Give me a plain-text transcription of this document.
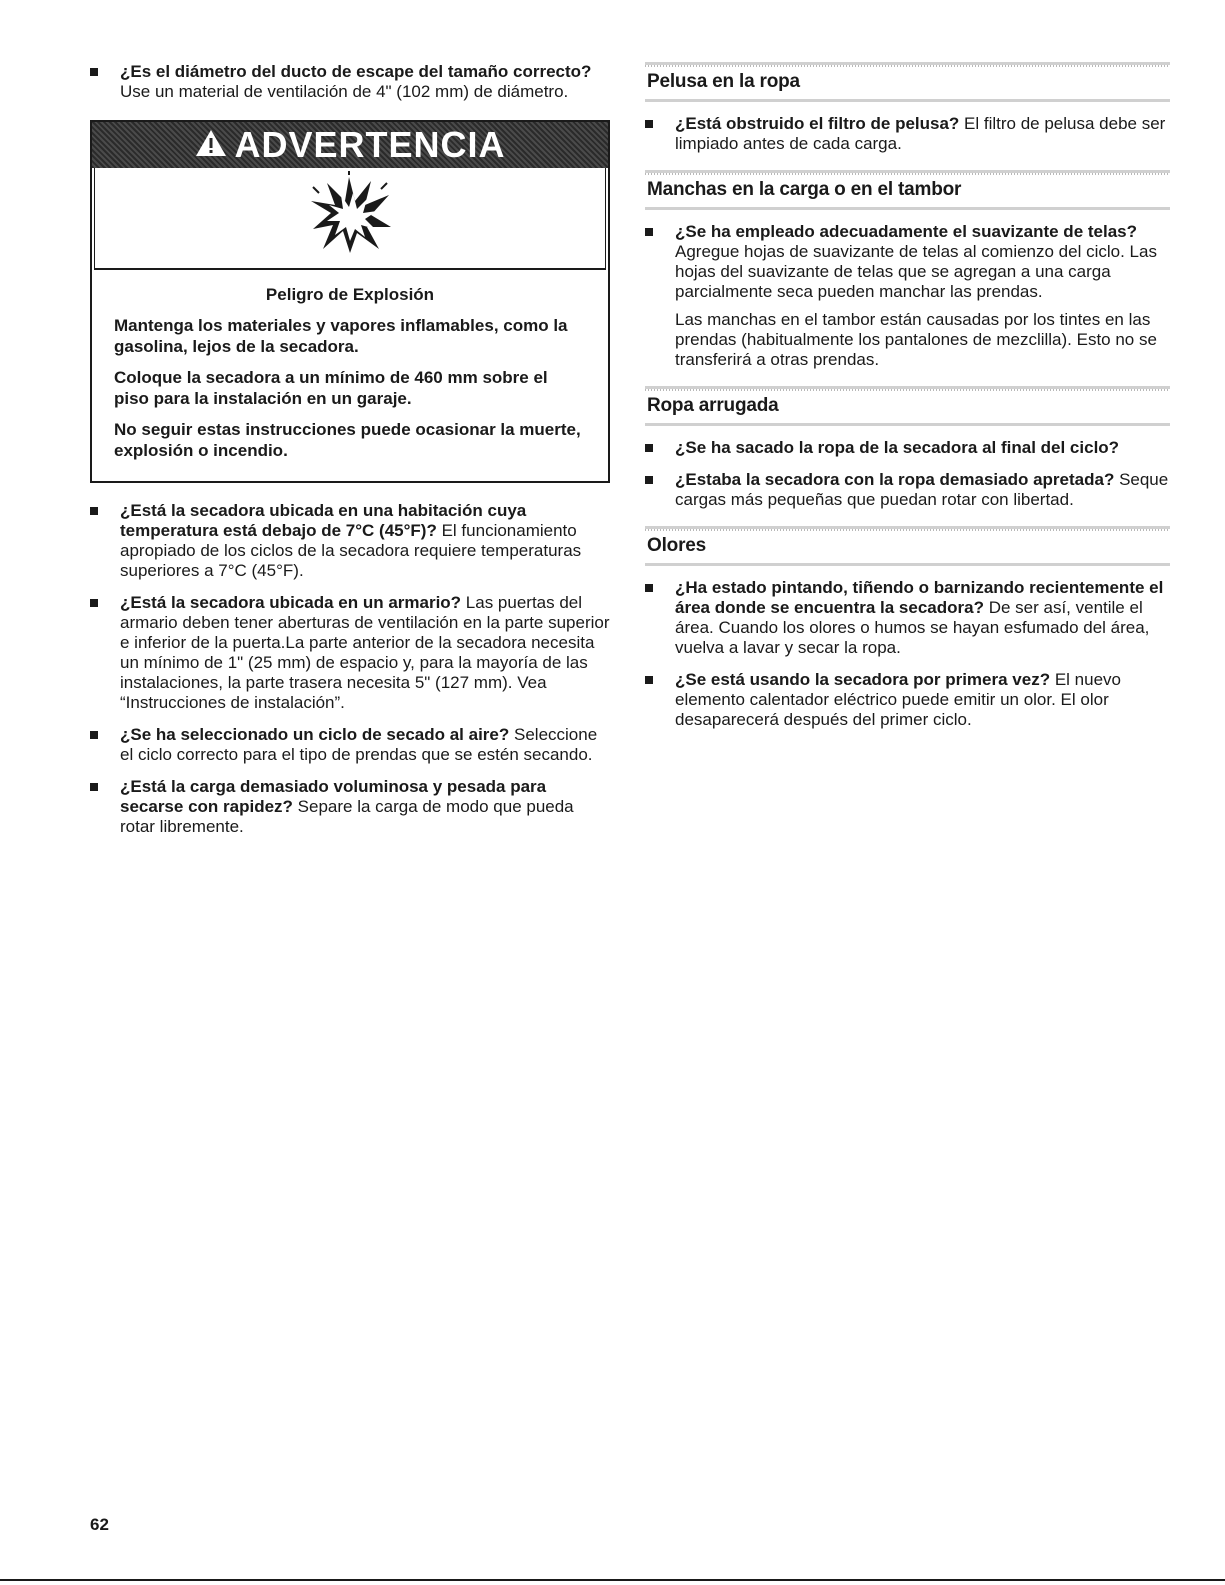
¿Es el diámetro del ducto de escape del tamaño correcto? Use un material de ventilación de 4" (102 mm) de diámetro.
ADVERTENCIA
Peligro de Explosión

Mantenga los materiales y vapores inflamables, como la gasolina, lejos de la secadora.

Coloque la secadora a un mínimo de 460 mm sobre el piso para la instalación en un garaje.

No seguir estas instrucciones puede ocasionar la muerte, explosión o incendio.

¿Está la secadora ubicada en una habitación cuya temperatura está debajo de 7°C (45°F)? El funcionamiento apropiado de los ciclos de la secadora requiere temperaturas superiores a 7°C (45°F).
¿Está la secadora ubicada en un armario? Las puertas del armario deben tener aberturas de ventilación en la parte superior e inferior de la puerta.La parte anterior de la secadora necesita un mínimo de 1" (25 mm) de espacio y, para la mayoría de las instalaciones, la parte trasera necesita 5" (127 mm). Vea “Instrucciones de instalación”.
¿Se ha seleccionado un ciclo de secado al aire? Seleccione el ciclo correcto para el tipo de prendas que se estén secando.
¿Está la carga demasiado voluminosa y pesada para secarse con rapidez? Separe la carga de modo que pueda rotar libremente.
Pelusa en la ropa
¿Está obstruido el filtro de pelusa? El filtro de pelusa debe ser limpiado antes de cada carga.
Manchas en la carga o en el tambor
¿Se ha empleado adecuadamente el suavizante de telas? Agregue hojas de suavizante de telas al comienzo del ciclo. Las hojas del suavizante de telas que se agregan a una carga parcialmente seca pueden manchar las prendas.
Las manchas en el tambor están causadas por los tintes en las prendas (habitualmente los pantalones de mezclilla). Esto no se transferirá a otras prendas.
Ropa arrugada
¿Se ha sacado la ropa de la secadora al final del ciclo?
¿Estaba la secadora con la ropa demasiado apretada? Seque cargas más pequeñas que puedan rotar con libertad.
Olores
¿Ha estado pintando, tiñendo o barnizando recientemente el área donde se encuentra la secadora? De ser así, ventile el área. Cuando los olores o humos se hayan esfumado del área, vuelva a lavar y secar la ropa.
¿Se está usando la secadora por primera vez? El nuevo elemento calentador eléctrico puede emitir un olor. El olor desaparecerá después del primer ciclo.
62
